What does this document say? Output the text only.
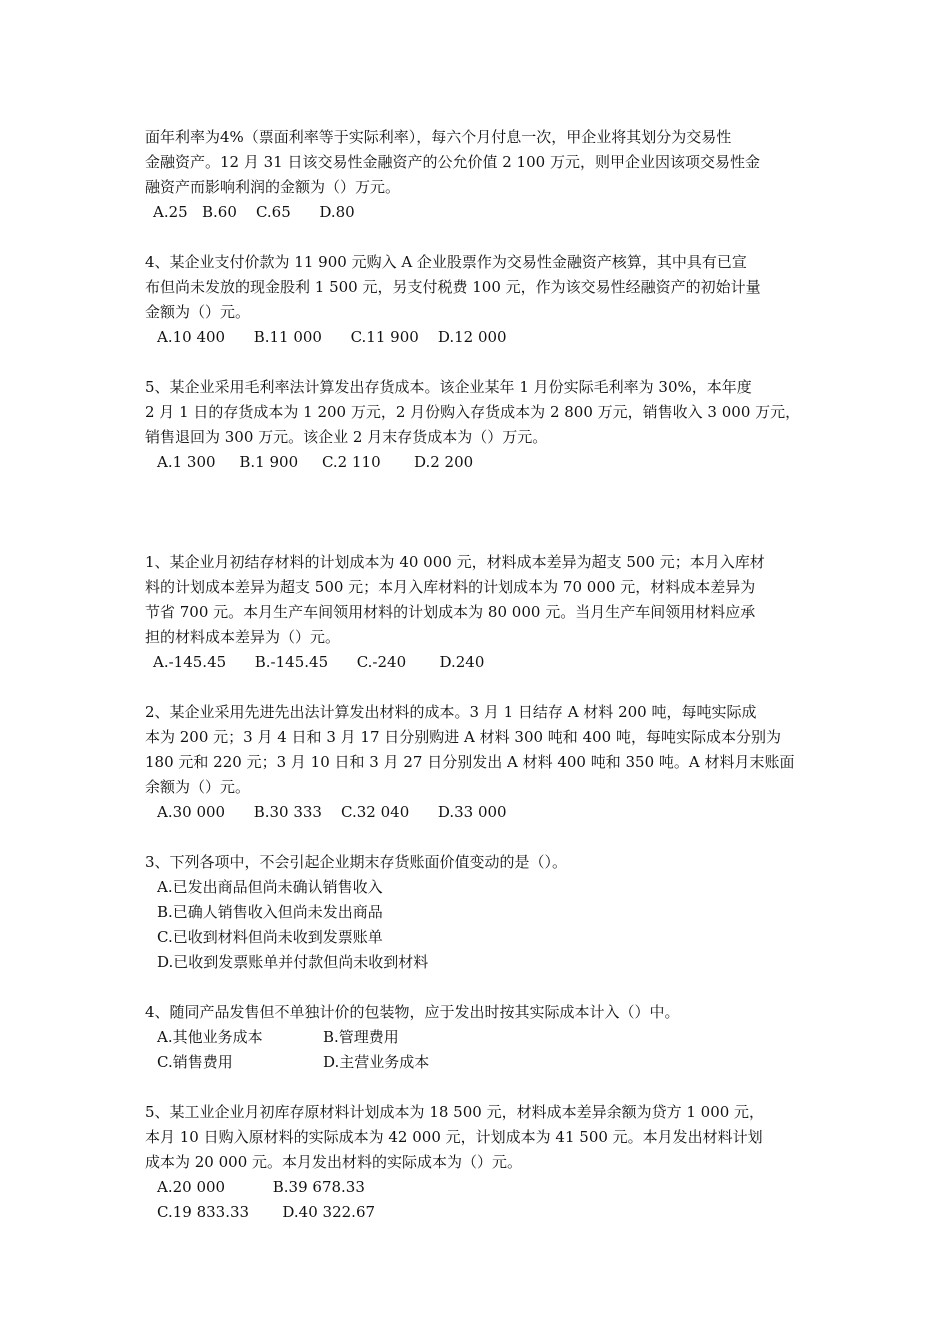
面年利率为4%（票面利率等于实际利率），每六个月付息一次，甲企业将其划分为交易性
金融资产。12 月 31 日该交易性金融资产的公允价值 2 100 万元，则甲企业因该项交易性金
融资产而影响利润的金额为（）万元。
A.25   B.60    C.65      D.80
4、某企业支付价款为 11 900 元购入 A 企业股票作为交易性金融资产核算，其中具有已宣
布但尚未发放的现金股利 1 500 元，另支付税费 100 元，作为该交易性经融资产的初始计量
金额为（）元。
A.10 400      B.11 000      C.11 900    D.12 000
5、某企业采用毛利率法计算发出存货成本。该企业某年 1 月份实际毛利率为 30%，本年度
2 月 1 日的存货成本为 1 200 万元，2 月份购入存货成本为 2 800 万元，销售收入 3 000 万元，
销售退回为 300 万元。该企业 2 月末存货成本为（）万元。
A.1 300     B.1 900     C.2 110       D.2 200
1、某企业月初结存材料的计划成本为 40 000 元，材料成本差异为超支 500 元；本月入库材
料的计划成本差异为超支 500 元；本月入库材料的计划成本为 70 000 元，材料成本差异为
节省 700 元。本月生产车间领用材料的计划成本为 80 000 元。当月生产车间领用材料应承
担的材料成本差异为（）元。
A.-145.45      B.-145.45      C.-240       D.240
2、某企业采用先进先出法计算发出材料的成本。3 月 1 日结存 A 材料 200 吨，每吨实际成
本为 200 元；3 月 4 日和 3 月 17 日分别购进 A 材料 300 吨和 400 吨，每吨实际成本分别为
180 元和 220 元；3 月 10 日和 3 月 27 日分别发出 A 材料 400 吨和 350 吨。A 材料月末账面
余额为（）元。
A.30 000      B.30 333    C.32 040      D.33 000
3、下列各项中，不会引起企业期末存货账面价值变动的是（）。
A.已发出商品但尚未确认销售收入
B.已确人销售收入但尚未发出商品
C.已收到材料但尚未收到发票账单
D.已收到发票账单并付款但尚未收到材料
4、随同产品发售但不单独计价的包装物，应于发出时按其实际成本计入（）中。
A.其他业务成本	B.管理费用
C.销售费用	D.主营业务成本
5、某工业企业月初库存原材料计划成本为 18 500 元，材料成本差异余额为贷方 1 000 元，
本月 10 日购入原材料的实际成本为 42 000 元，计划成本为 41 500 元。本月发出材料计划
成本为 20 000 元。本月发出材料的实际成本为（）元。
A.20 000          B.39 678.33
C.19 833.33       D.40 322.67
